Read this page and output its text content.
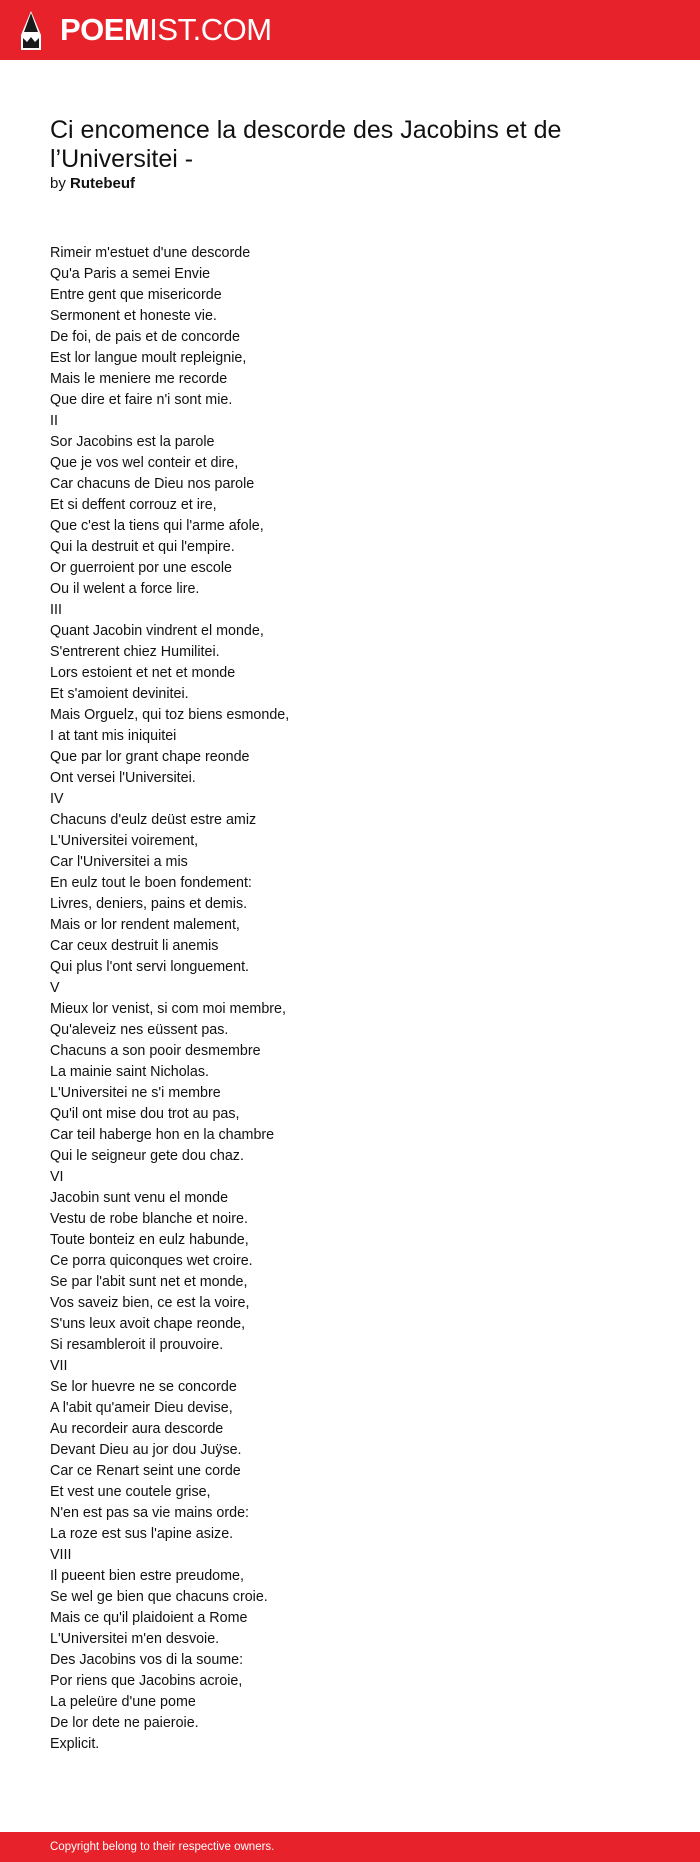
POEMIST.COM
Ci encomence la descorde des Jacobins et de l’Universitei -
by Rutebeuf
Rimeir m'estuet d'une descorde
Qu'a Paris a semei Envie
Entre gent que misericorde
Sermonent et honeste vie.
De foi, de pais et de concorde
Est lor langue moult repleignie,
Mais le meniere me recorde
Que dire et faire n'i sont mie.
II
Sor Jacobins est la parole
Que je vos wel conteir et dire,
Car chacuns de Dieu nos parole
Et si deffent corrouz et ire,
Que c'est la tiens qui l'arme afole,
Qui la destruit et qui l'empire.
Or guerroient por une escole
Ou il welent a force lire.
III
Quant Jacobin vindrent el monde,
S'entrerent chiez Humilitei.
Lors estoient et net et monde
Et s'amoient devinitei.
Mais Orguelz, qui toz biens esmonde,
I at tant mis iniquitei
Que par lor grant chape reonde
Ont versei l'Universitei.
IV
Chacuns d'eulz deüst estre amiz
L'Universitei voirement,
Car l'Universitei a mis
En eulz tout le boen fondement:
Livres, deniers, pains et demis.
Mais or lor rendent malement,
Car ceux destruit li anemis
Qui plus l'ont servi longuement.
V
Mieux lor venist, si com moi membre,
Qu'aleveiz nes eüssent pas.
Chacuns a son pooir desmembre
La mainie saint Nicholas.
L'Universitei ne s'i membre
Qu'il ont mise dou trot au pas,
Car teil haberge hon en la chambre
Qui le seigneur gete dou chaz.
VI
Jacobin sunt venu el monde
Vestu de robe blanche et noire.
Toute bonteiz en eulz habunde,
Ce porra quiconques wet croire.
Se par l'abit sunt net et monde,
Vos saveiz bien, ce est la voire,
S'uns leux avoit chape reonde,
Si resambleroit il prouvoire.
VII
Se lor huevre ne se concorde
A l'abit qu'ameir Dieu devise,
Au recordeir aura descorde
Devant Dieu au jor dou Juÿse.
Car ce Renart seint une corde
Et vest une coutele grise,
N'en est pas sa vie mains orde:
La roze est sus l'apine asize.
VIII
Il pueent bien estre preudome,
Se wel ge bien que chacuns croie.
Mais ce qu'il plaidoient a Rome
L'Universitei m'en desvoie.
Des Jacobins vos di la soume:
Por riens que Jacobins acroie,
La peleüre d'une pome
De lor dete ne paieroie.
Explicit.
Copyright belong to their respective owners.
